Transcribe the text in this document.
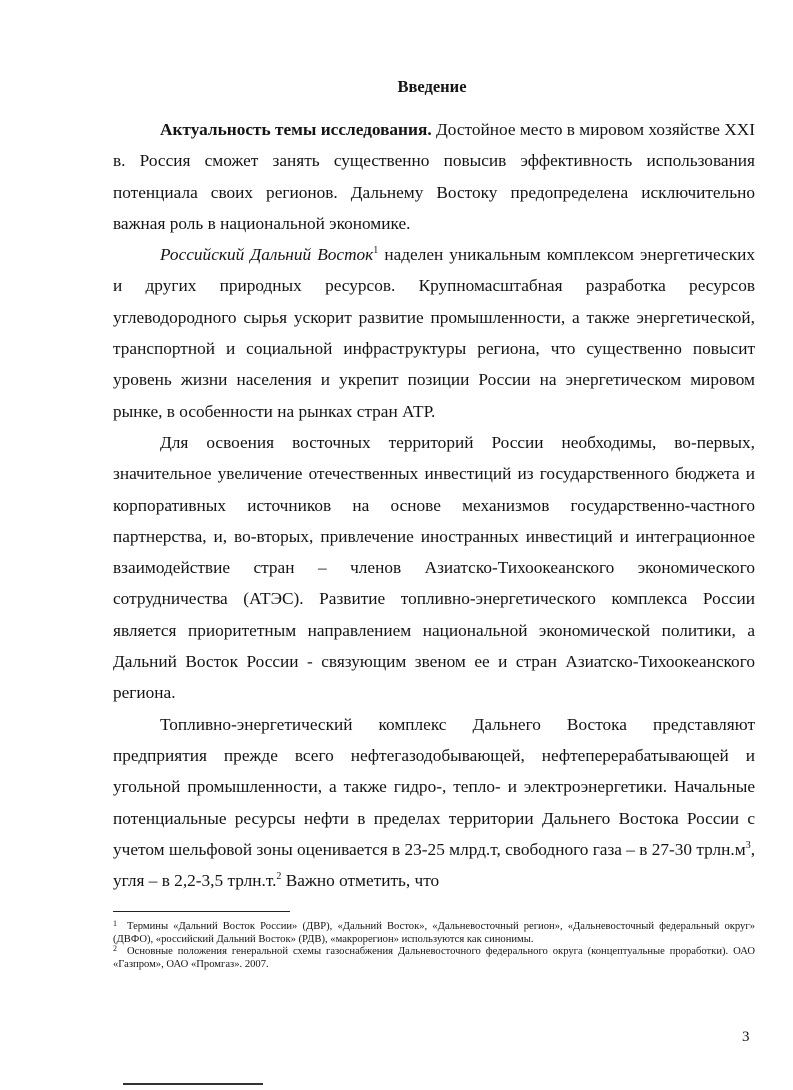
Введение

Актуальность темы исследования. Достойное место в мировом хозяйстве XXI в. Россия сможет занять существенно повысив эффективность использования потенциала своих регионов. Дальнему Востоку предопределена исключительно важная роль в национальной экономике.

Российский Дальний Восток$^1$ наделен уникальным комплексом энергетических и других природных ресурсов. Крупномасштабная разработка ресурсов углеводородного сырья ускорит развитие промышленности, а также энергетической, транспортной и социальной инфраструктуры региона, что существенно повысит уровень жизни населения и укрепит позиции России на энергетическом мировом рынке, в особенности на рынках стран АТР.

Для освоения восточных территорий России необходимы, во-первых, значительное увеличение отечественных инвестиций из государственного бюджета и корпоративных источников на основе механизмов государственно-частного партнерства, и, во-вторых, привлечение иностранных инвестиций и интеграционное взаимодействие стран – членов Азиатско-Тихоокеанского экономического сотрудничества (АТЭС). Развитие топливно-энергетического комплекса России является приоритетным направлением национальной экономической политики, а Дальний Восток России - связующим звеном ее и стран Азиатско-Тихоокеанского региона.

Топливно-энергетический комплекс Дальнего Востока представляют предприятия прежде всего нефтегазодобывающей, нефтеперерабатывающей и угольной промышленности, а также гидро-, тепло- и электроэнергетики. Начальные потенциальные ресурсы нефти в пределах территории Дальнего Востока России с учетом шельфовой зоны оценивается в 23-25 млрд.т, свободного газа – в 27-30 $трлн.м^3$, угля – в 2,2-3,5 трлн.т.$^2$ Важно отметить, что

$^1$ Термины «Дальний Восток России» (ДВР), «Дальний Восток», «Дальневосточный регион», «Дальневосточный федеральный округ» (ДВФО), «российский Дальний Восток» (РДВ), «макрорегион» используются как синонимы.

$^2$ Основные положения генеральной схемы газоснабжения Дальневосточного федерального округа (концептуальные проработки). ОАО «Газпром», ОАО «Промгаз». 2007.

3
